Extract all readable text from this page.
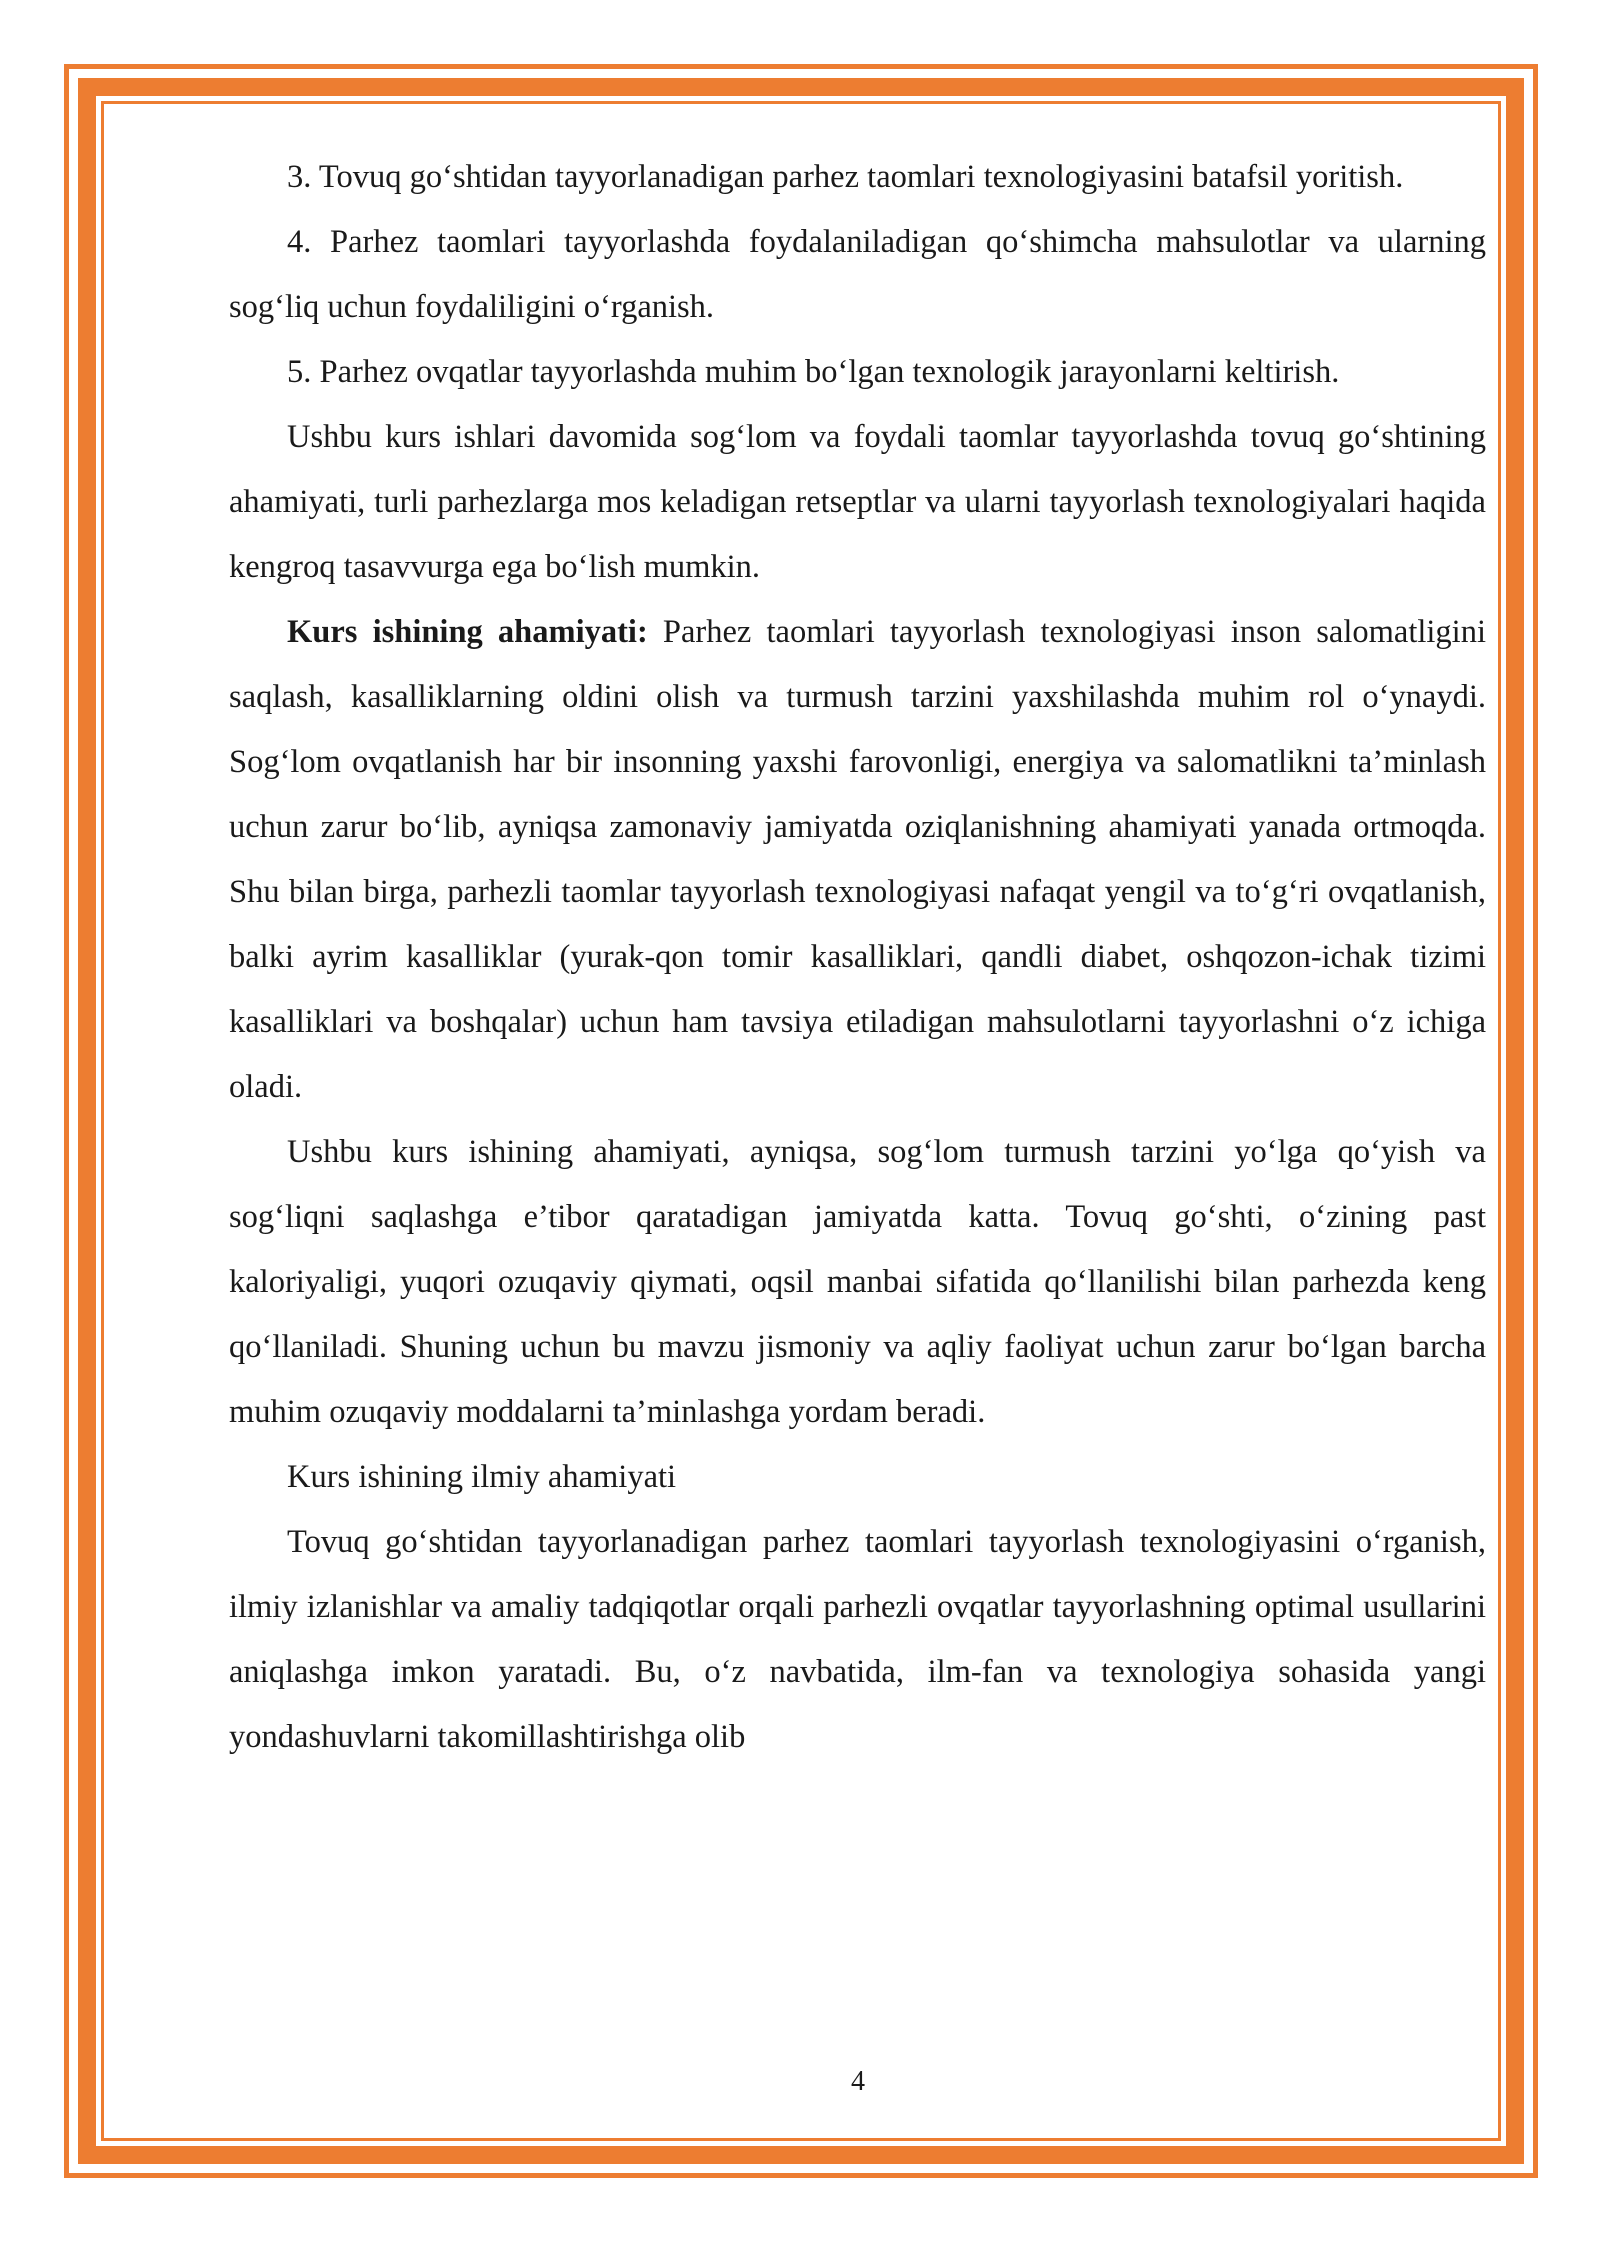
3. Tovuq go‘shtidan tayyorlanadigan parhez taomlari texnologiyasini batafsil yoritish.

4. Parhez taomlari tayyorlashda foydalaniladigan qo‘shimcha mahsulotlar va ularning sog‘liq uchun foydaliligini o‘rganish.

5. Parhez ovqatlar tayyorlashda muhim bo‘lgan texnologik jarayonlarni keltirish.

Ushbu kurs ishlari davomida sog‘lom va foydali taomlar tayyorlashda tovuq go‘shtining ahamiyati, turli parhezlarga mos keladigan retseptlar va ularni tayyorlash texnologiyalari haqida kengroq tasavvurga ega bo‘lish mumkin.

Kurs ishining ahamiyati: Parhez taomlari tayyorlash texnologiyasi inson salomatligini saqlash, kasalliklarning oldini olish va turmush tarzini yaxshilashda muhim rol o‘ynaydi. Sog‘lom ovqatlanish har bir insonning yaxshi farovonligi, energiya va salomatlikni ta’minlash uchun zarur bo‘lib, ayniqsa zamonaviy jamiyatda oziqlanishning ahamiyati yanada ortmoqda. Shu bilan birga, parhezli taomlar tayyorlash texnologiyasi nafaqat yengil va to‘g‘ri ovqatlanish, balki ayrim kasalliklar (yurak-qon tomir kasalliklari, qandli diabet, oshqozon-ichak tizimi kasalliklari va boshqalar) uchun ham tavsiya etiladigan mahsulotlarni tayyorlashni o‘z ichiga oladi.

Ushbu kurs ishining ahamiyati, ayniqsa, sog‘lom turmush tarzini yo‘lga qo‘yish va sog‘liqni saqlashga e’tibor qaratadigan jamiyatda katta. Tovuq go‘shti, o‘zining past kaloriyaligi, yuqori ozuqaviy qiymati, oqsil manbai sifatida qo‘llanilishi bilan parhezda keng qo‘llaniladi. Shuning uchun bu mavzu jismoniy va aqliy faoliyat uchun zarur bo‘lgan barcha muhim ozuqaviy moddalarni ta’minlashga yordam beradi.

Kurs ishining ilmiy ahamiyati

Tovuq go‘shtidan tayyorlanadigan parhez taomlari tayyorlash texnologiyasini o‘rganish, ilmiy izlanishlar va amaliy tadqiqotlar orqali parhezli ovqatlar tayyorlashning optimal usullarini aniqlashga imkon yaratadi. Bu, o‘z navbatida, ilm-fan va texnologiya sohasida yangi yondashuvlarni takomillashtirishga olib

4
